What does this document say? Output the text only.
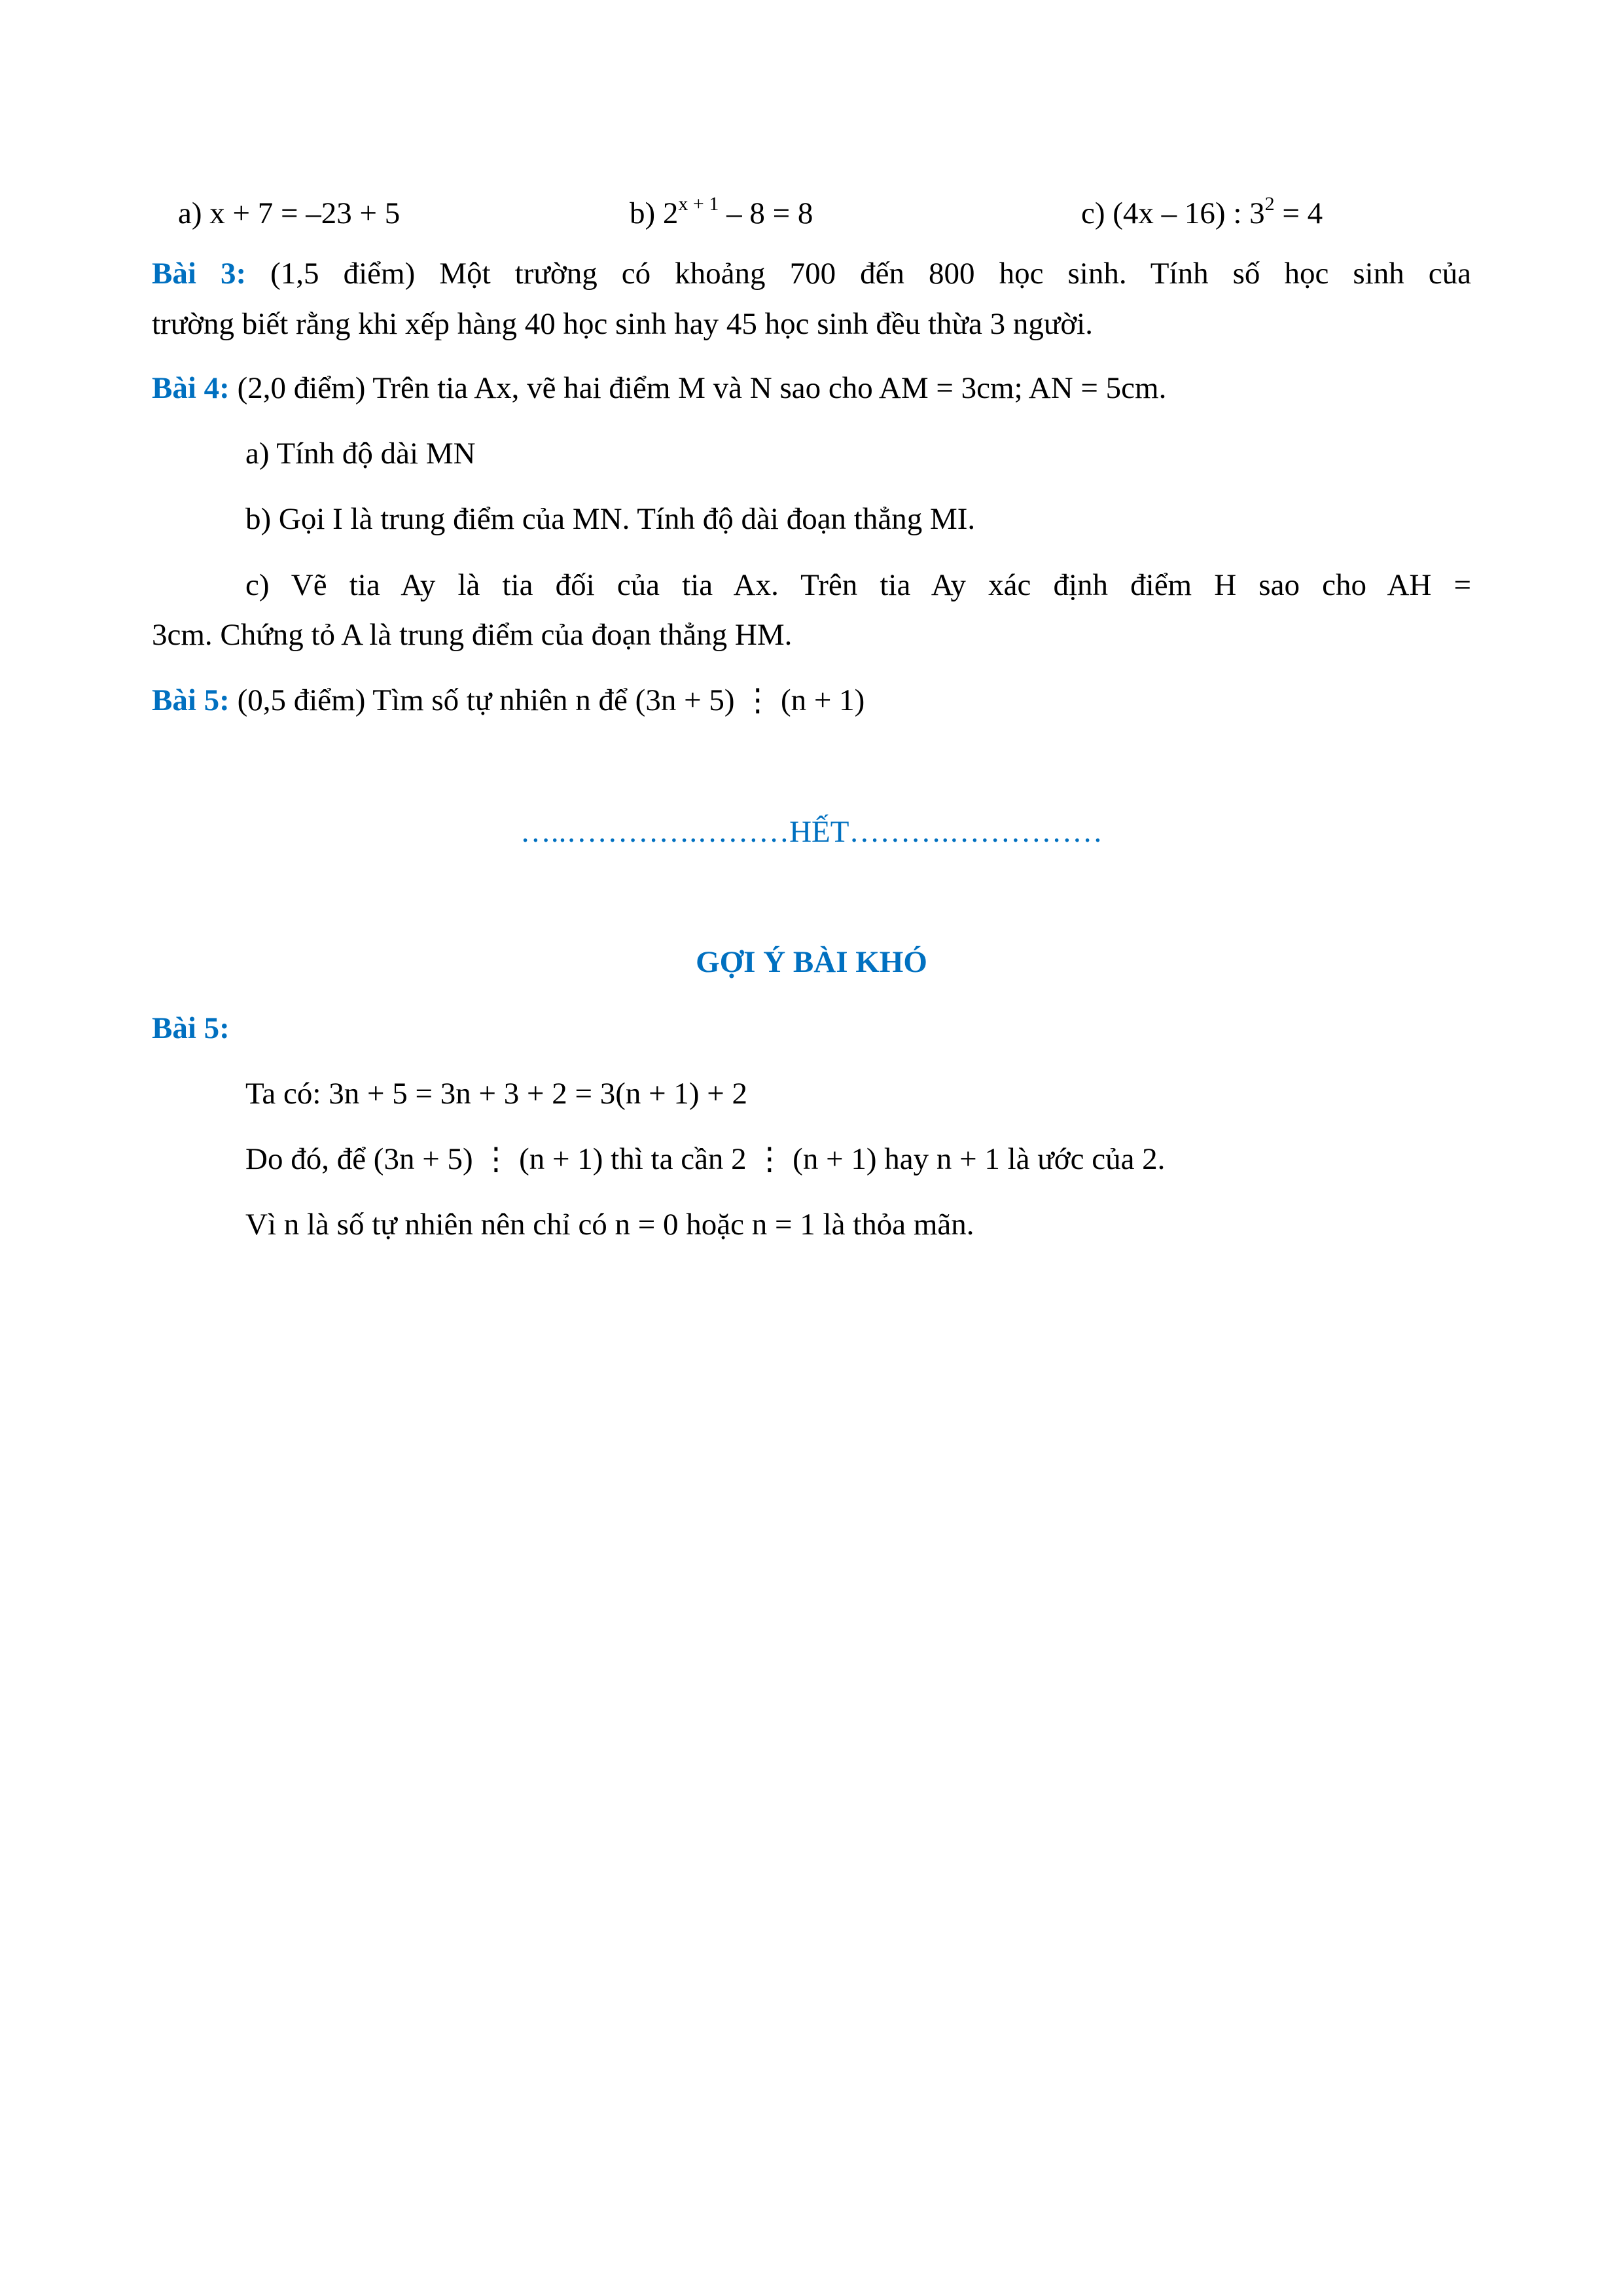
a) x + 7 = –23 + 5	b) $2^{x + 1} - 8 = 8$	c) (4x – 16) : $3^2 = 4$
Bài 3: (1,5 điểm) Một trường có khoảng 700 đến 800 học sinh. Tính số học sinh của
trường biết rằng khi xếp hàng 40 học sinh hay 45 học sinh đều thừa 3 người.
Bài 4: (2,0 điểm) Trên tia Ax, vẽ hai điểm M và N sao cho AM = 3cm; AN = 5cm.
a) Tính độ dài MN
b) Gọi I là trung điểm của MN. Tính độ dài đoạn thẳng MI.
c) Vẽ tia Ay là tia đối của tia Ax. Trên tia Ay xác định điểm H sao cho AH =
3cm. Chứng tỏ A là trung điểm của đoạn thẳng HM.
Bài 5: (0,5 điểm) Tìm số tự nhiên n để (3n + 5) ⋮ (n + 1)
…..………….………HẾT……….……………
GỢI Ý BÀI KHÓ
Bài 5:
Ta có: 3n + 5 = 3n + 3 + 2 = 3(n + 1) + 2
Do đó, để (3n + 5) ⋮ (n + 1) thì ta cần 2 ⋮ (n + 1) hay n + 1 là ước của 2.
Vì n là số tự nhiên nên chỉ có n = 0 hoặc n = 1 là thỏa mãn.
